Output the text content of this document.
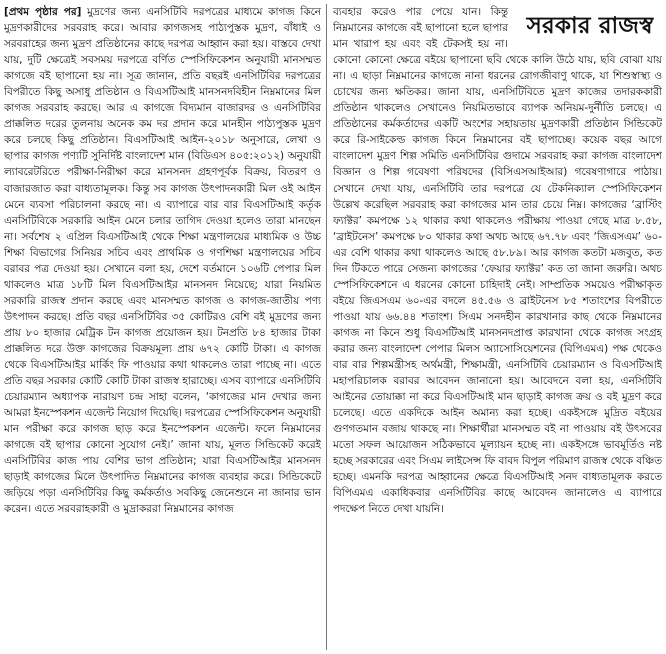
[প্রথম পৃষ্ঠার পর] মুদ্রণের জন্য এনসিটিবি দরপত্রের মাধ্যমে কাগজ কিনে মুদ্রণকারীদের সরবরাহ করে। আবার কাগজসহ পাঠ্যপুস্তক মুদ্রণ, বাঁধাই ও সরবরাহের জন্য মুদ্রণ প্রতিষ্ঠানের কাছে দরপত্র আহ্বান করা হয়। বাস্তবে দেখা যায়, দুটি ক্ষেত্রেই সবসময় দরপত্রে বর্ণিত স্পেসিফিকেশন অনুযায়ী মানসম্মত কাগজে বই ছাপানো হয় না। সূত্র জানান, প্রতি বছরই এনসিটিবির দরপত্রের বিপরীতে কিছু অসাধু প্রতিষ্ঠান ও বিএসটিআই মানসনদবিহীন নিম্নমানের মিল কাগজ সরবরাহ করছে। আর এ কাগজে বিদ্যমান বাজারদর ও এনসিটিবির প্রাক্কলিত দরের তুলনায় অনেক কম দর প্রদান করে মানহীন পাঠ্যপুস্তক মুদ্রণ করে চলছে কিছু প্রতিষ্ঠান। বিএসটিআই আইন-২০১৮ অনুসারে, লেখা ও ছাপার কাগজ পণ্যটি সুনির্দিষ্ট বাংলাদেশ মান (বিডিএস ৪০৫:২০১২) অনুযায়ী ল্যাবরেটরিতে পরীক্ষা-নিরীক্ষা করে মানসনদ গ্রহণপূর্বক বিক্রয়, বিতরণ ও বাজারজাত করা বাধ্যতামূলক। কিন্তু সব কাগজ উৎপাদনকারী মিল ওই আইন মেনে ব্যবসা পরিচালনা করছে না। এ ব্যাপারে বার বার বিএসটিআই কর্তৃক এনসিটিবিকে সরকারি আইন মেনে চলার তাগিদ দেওয়া হলেও তারা মানছেন না। সর্বশেষ ২ এপ্রিল বিএসটিআই থেকে শিক্ষা মন্ত্রণালয়ের মাধ্যমিক ও উচ্চ শিক্ষা বিভাগের সিনিয়র সচিব এবং প্রাথমিক ও গণশিক্ষা মন্ত্রণালয়ের সচিব বরাবর পত্র দেওয়া হয়। সেখানে বলা হয়, দেশে বর্তমানে ১০৬টি পেপার মিল থাকলেও মাত্র ১৮টি মিল বিএসটিআইর মানসনদ নিয়েছে; যারা নিয়মিত সরকারি রাজস্ব প্রদান করছে এবং মানসম্মত কাগজ ও কাগজ-জাতীয় পণ্য উৎপাদন করছে। প্রতি বছর এনসিটিবির ৩৫ কোটিরও বেশি বই মুদ্রণের জন্য প্রায় ৮০ হাজার মেট্রিক টন কাগজ প্রয়োজন হয়। টনপ্রতি ৮৪ হাজার টাকা প্রাক্কলিত দরে উক্ত কাগজের বিক্রয়মূল্য প্রায় ৬৭২ কোটি টাকা। এ কাগজ থেকে বিএসটিআইর মার্কিং ফি পাওয়ার কথা থাকলেও তারা পাচ্ছে না। এতে প্রতি বছর সরকার কোটি কোটি টাকা রাজস্ব হারাচ্ছে। এসব ব্যাপারে এনসিটিবি চেয়ারম্যান অধ্যাপক নারায়ণ চন্দ্র সাহা বলেন, ‘কাগজের মান দেখার জন্য আমরা ইনস্পেকশন এজেন্ট নিয়োগ দিয়েছি। দরপত্রের স্পেসিফিকেশন অনুযায়ী মান পরীক্ষা করে কাগজ ছাড় করে ইনস্পেকশন এজেন্ট। ফলে নিম্নমানের কাগজে বই ছাপার কোনো সুযোগ নেই।’ জানা যায়, মূলত সিন্ডিকেট করেই এনসিটিবির কাজ পায় বেশির ভাগ প্রতিষ্ঠান; যারা বিএসটিআইর মানসনদ ছাড়াই কাগজের মিলে উৎপাদিত নিম্নমানের কাগজ ব্যবহার করে। সিন্ডিকেটে জড়িয়ে পড়া এনসিটিবির কিছু কর্মকর্তাও সবকিছু জেনেশুনে না জানার ভান করেন। এতে সরবরাহকারী ও মুদ্রাকররা নিম্নমানের কাগজ

সরকার রাজস্ব

ব্যবহার করেও পার পেয়ে যান। কিন্তু নিম্নমানের কাগজে বই ছাপানো হলে ছাপার মান খারাপ হয় এবং বই টেকসই হয় না। কোনো কোনো ক্ষেত্রে বইয়ে ছাপানো ছবি থেকে কালি উঠে যায়, ছবি বোঝা যায় না। এ ছাড়া নিম্নমানের কাগজে নানা ধরনের রোগজীবাণু থাকে, যা শিশুস্বাস্থ্য ও চোখের জন্য ক্ষতিকর। জানা যায়, এনসিটিবিতে মুদ্রণ কাজের তদারককারী প্রতিষ্ঠান থাকলেও সেখানেও নিয়মিতভাবে ব্যাপক অনিয়ম-দুর্নীতি চলছে। এ প্রতিষ্ঠানের কর্মকর্তাদের একটি অংশের সহায়তায় মুদ্রণকারী প্রতিষ্ঠান সিন্ডিকেট করে রি-সাইকেল্ড কাগজ কিনে নিম্নমানের বই ছাপাচ্ছে। কয়েক বছর আগে বাংলাদেশ মুদ্রণ শিল্প সমিতি এনসিটিবির গুদামে সরবরাহ করা কাগজ বাংলাদেশ বিজ্ঞান ও শিল্প গবেষণা পরিষদের (বিসিএসআইআর) গবেষণাগারে পাঠায়। সেখানে দেখা যায়, এনসিটিবি তার দরপত্রে যে টেকনিক্যাল স্পেসিফিকেশন উল্লেখ করেছিল সরবরাহ করা কাগজের মান তার চেয়ে নিম্ন। কাগজের ‘ব্রাস্টিং ফ্যাক্টর’ কমপক্ষে ১২ থাকার কথা থাকলেও পরীক্ষায় পাওয়া গেছে মাত্র ৮.৫৮, ‘ব্রাইটনেস’ কমপক্ষে ৮০ থাকার কথা অথচ আছে ৬৭.৭৮ এবং ‘জিএসএম’ ৬০-এর বেশি থাকার কথা থাকলেও আছে ৫৮.৮৯। আর কাগজ কতটা মজবুত, কত দিন টিকতে পারে সেজন্য কাগজের ‘ফেয়ার ফ্যাক্টর’ কত তা জানা জরুরি। অথচ স্পেসিফিকেশনে এ ধরনের কোনো চাহিদাই নেই। সাম্প্রতিক সময়েও পরীক্ষাকৃত বইয়ে জিএসএম ৬০-এর বদলে ৪৫.৫৬ ও ব্রাইটনেস ৮৫ শতাংশের বিপরীতে পাওয়া যায় ৬৬.৪৪ শতাংশ। সিএম সনদহীন কারখানার কাছ থেকে নিম্নমানের কাগজ না কিনে শুধু বিএসটিআই মানসনদপ্রাপ্ত কারখানা থেকে কাগজ সংগ্রহ করার জন্য বাংলাদেশ পেপার মিলস অ্যাসোসিয়েশনের (বিপিএমএ) পক্ষ থেকেও বার বার শিল্পমন্ত্রীসহ অর্থমন্ত্রী, শিক্ষামন্ত্রী, এনসিটিবি চেয়ারম্যান ও বিএসটিআই মহাপরিচালক বরাবর আবেদন জানানো হয়। আবেদনে বলা হয়, এনসিটিবি আইনের তোয়াক্কা না করে বিএসটিআই মান ছাড়াই কাগজ ক্রয় ও বই মুদ্রণ করে চলেছে। এতে একদিকে আইন অমান্য করা হচ্ছে। একইসঙ্গে মুদ্রিত বইয়ের গুণগতমান বজায় থাকছে না। শিক্ষার্থীরা মানসম্মত বই না পাওয়ায় বই উৎসবের মতো সফল আয়োজন সঠিকভাবে মূল্যায়ন হচ্ছে না। একইসঙ্গে ভাবমূর্তিও নষ্ট হচ্ছে সরকারের এবং সিএম লাইসেন্স ফি বাবদ বিপুল পরিমাণ রাজস্ব থেকে বঞ্চিত হচ্ছে। এমনকি দরপত্র আহ্বানের ক্ষেত্রে বিএসটিআই সনদ বাধ্যতামূলক করতে বিপিএমএ একাধিকবার এনসিটিবির কাছে আবেদন জানালেও এ ব্যাপারে পদক্ষেপ নিতে দেখা যায়নি।
